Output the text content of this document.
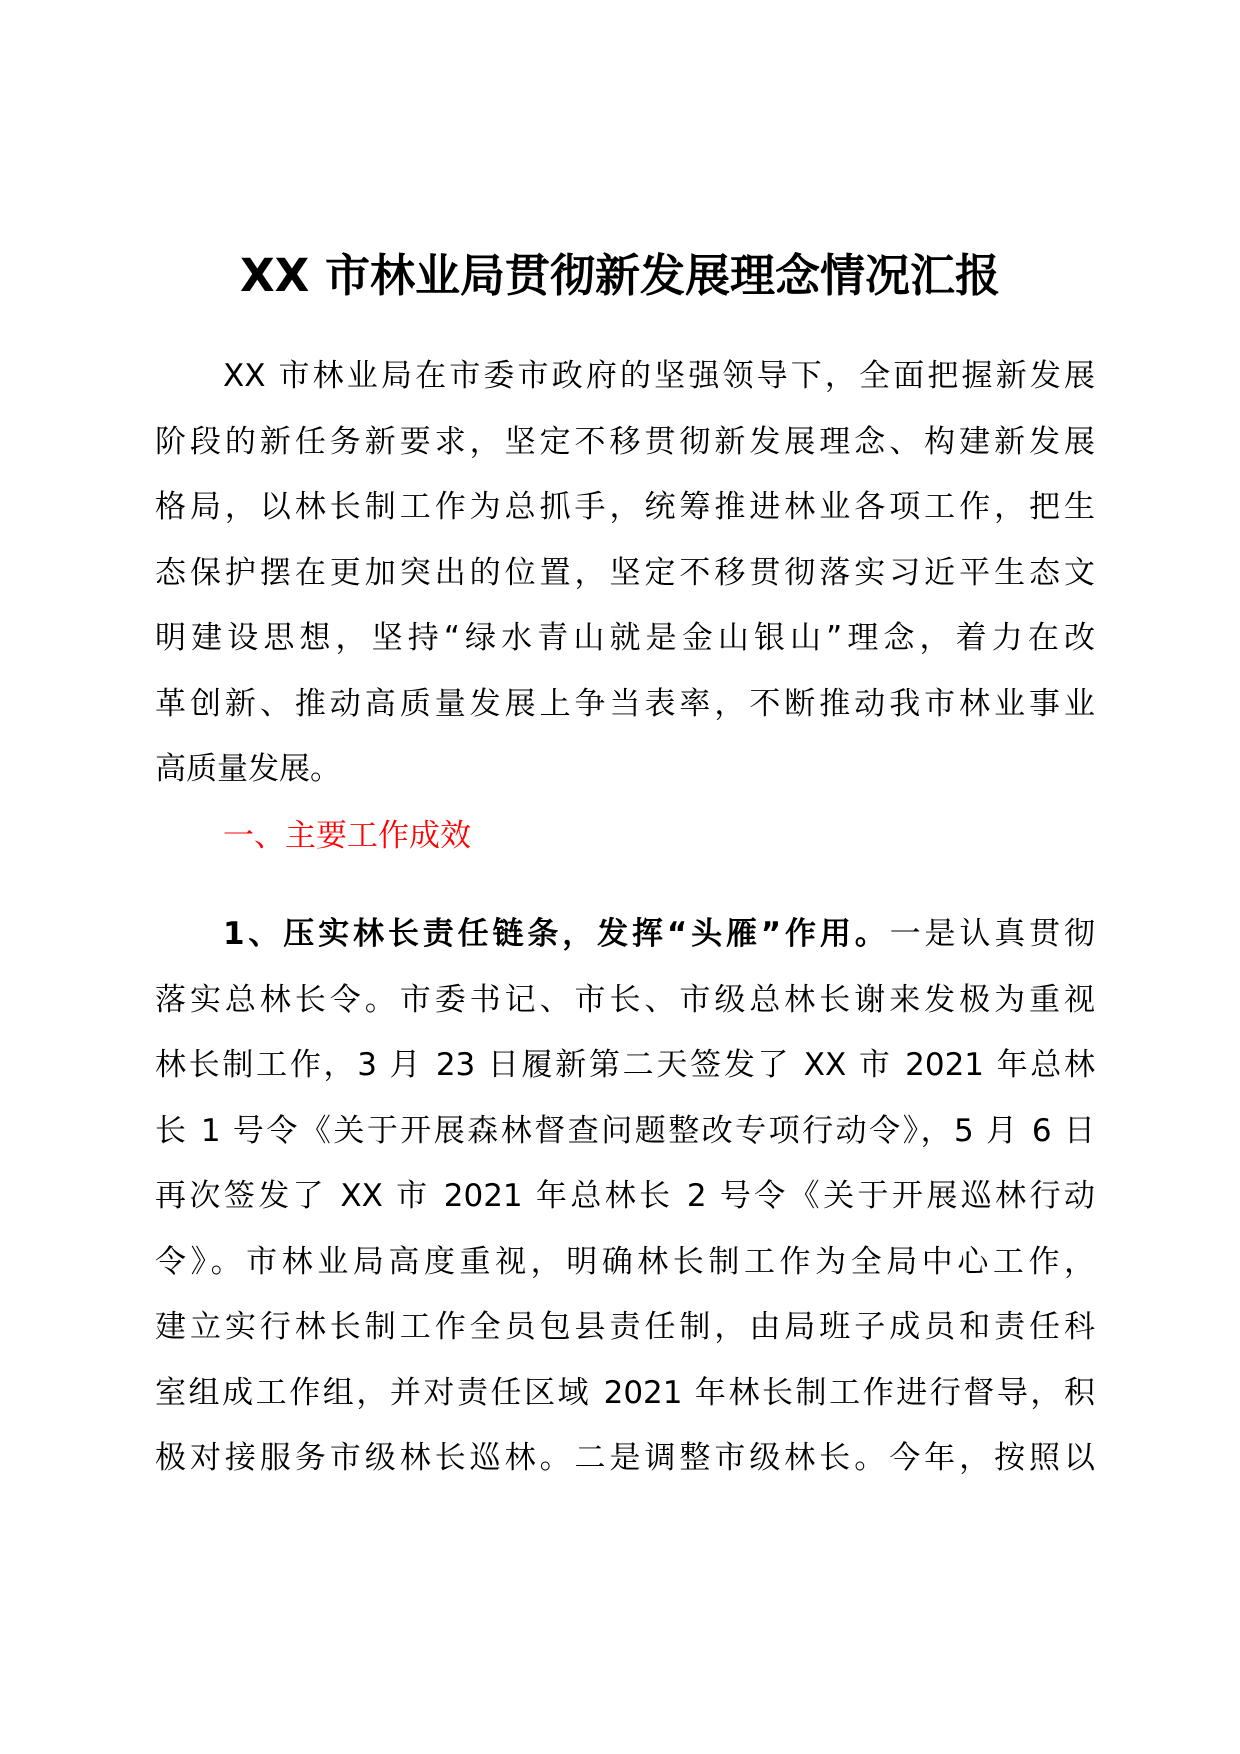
XX 市林业局贯彻新发展理念情况汇报
XX 市林业局在市委市政府的坚强领导下，全面把握新发展
阶段的新任务新要求，坚定不移贯彻新发展理念、构建新发展
格局，以林长制工作为总抓手，统筹推进林业各项工作，把生
态保护摆在更加突出的位置，坚定不移贯彻落实习近平生态文
明建设思想，坚持“绿水青山就是金山银山”理念，着力在改
革创新、推动高质量发展上争当表率，不断推动我市林业事业
高质量发展。
一、主要工作成效
1、压实林长责任链条，发挥“头雁”作用。一是认真贯彻
落实总林长令。市委书记、市长、市级总林长谢来发极为重视
林长制工作，3 月 23 日履新第二天签发了 XX 市 2021 年总林
长 1 号令《关于开展森林督查问题整改专项行动令》，5 月 6 日
再次签发了 XX 市 2021 年总林长 2 号令《关于开展巡林行动
令》。市林业局高度重视，明确林长制工作为全局中心工作，
建立实行林长制工作全员包县责任制，由局班子成员和责任科
室组成工作组，并对责任区域 2021 年林长制工作进行督导，积
极对接服务市级林长巡林。二是调整市级林长。今年，按照以
